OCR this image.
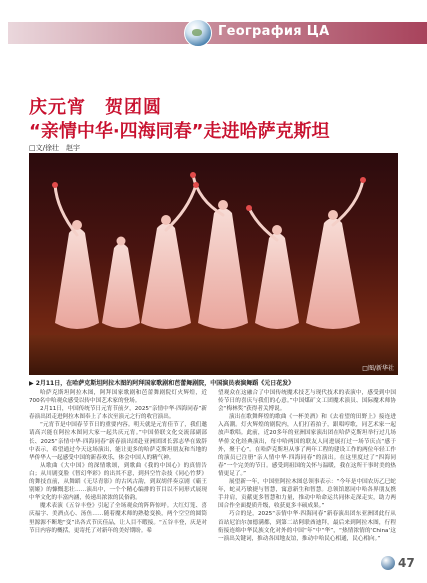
География ЦА
庆元宵　贺团圆
“亲情中华·四海同春”走进哈萨克斯坦
□文/徐壮　赵宇
□图/新华社
▶ 2月11日，在哈萨克斯坦阿拉木图的阿拜国家歌剧和芭蕾舞剧院，中国演员表演舞蹈《元日花发》

哈萨克斯坦阿拉木图，阿拜国家歌剧和芭蕾舞剧院灯火辉煌，近700名中哈观众感受以传中国艺术家的登场。

2月11日，中国传统节日元宵节前夕，2025“亲情中华·四海同春”新春演出团走进阿拉木图奉上了本次至演元之行的收官演出。

“元宵节是中国春节节日的重要内容。明天就是元宵佳节了，我们邀请高兴能在阿拉木图同大家一起共庆元宵。”中国侨联文化交流部副部长、2025“亲情中华·四海同春”新春演出团赴亚洲团团长郭志华在致辞中表示，希望通过今天这场演出，能让更多的哈萨克斯坦朋友和当地的华侨华人一起感受中国的新春欢乐，体会中国人的精气神。

从歌曲《大中国》的深情歌颂，到歌曲《我的中国心》的真情告白；从川剧变脸《智幻华彩》的出其不意，到抖空竹杂技《同心竹梦》的舞技直前，从舞蹈《无尽青影》的古风古韵，到双胡伴奏京剧《霸王别姬》的慷慨悲壮……演出中，一个个精心编排的节目以不同形式展现中华文化的丰富内涵，传递出浓浓的民俗韵。

魔术表演《五谷丰登》引起了全场观众的阵阵惊呼。大红灯笼、喜庆福字、美酒点心、汤鱼……随着魔术师的熟稔变换，两个空空的圆筒里源源不断地“变”出各式节庆佳品，让人目不暇接。“五谷丰登，庆是对节日内容的概括，更寄托了对新年的美好期盼。希

望观众在这融合了中国传统魔术技艺与现代技术的表演中，感受到中国传节日的喜庆与我们的心意。”中国煤矿文工团魔术演员、国际魔术师协会“梅林奖”获得者关博说。

演出在歌舞辉煌的歌曲《一杯美酒》和《去看望的田野上》接连进入高潮。灯火辉煌的剧院内，人们打着拍子，跟唱哼歌，同艺术家一起放声歌唱。此前，近20多年的亚洲国家演出团在哈萨克斯坦举行过几场华侨文化经典演出，每中哈两国的联友人同进展打过一场节庆点“感于外，聚于心”。在哈萨克斯坦从事了两年工程的建设工作的两位年轻工作的演员已注册“亲人情中华·四海同春”的演出。在这里度过了“四海同春”一个完美的节日。感受到祖国的关怀与温暖，我在这所干事时美的热情更足了。”

展望新一年，中国驻阿拉木图总领事表示：“今年是中国农历乙巳蛇年，蛇灵巧敏捷与智慧，寓意新生和智慧。总领馆愿同中哈各界朋友携手并肩，贡献更多智慧和力量，推动中哈命运共同体走深走实，助力两国合作全面提质升级，收获更多丰硕成果。”

巧合的是，2025“亲情中华·四海同春”新春演出团东亚洲团此行从首站尼泊尔加德满都，到第二站阿联酋迪拜，最后来到阿拉木图，行程衔接连绵中华民族文化对外的中国“年”中“华”，“热情浓情的‘China’这一演出关键词，推动各国地友谊，推动中哈民心相通，民心相向。”

47
